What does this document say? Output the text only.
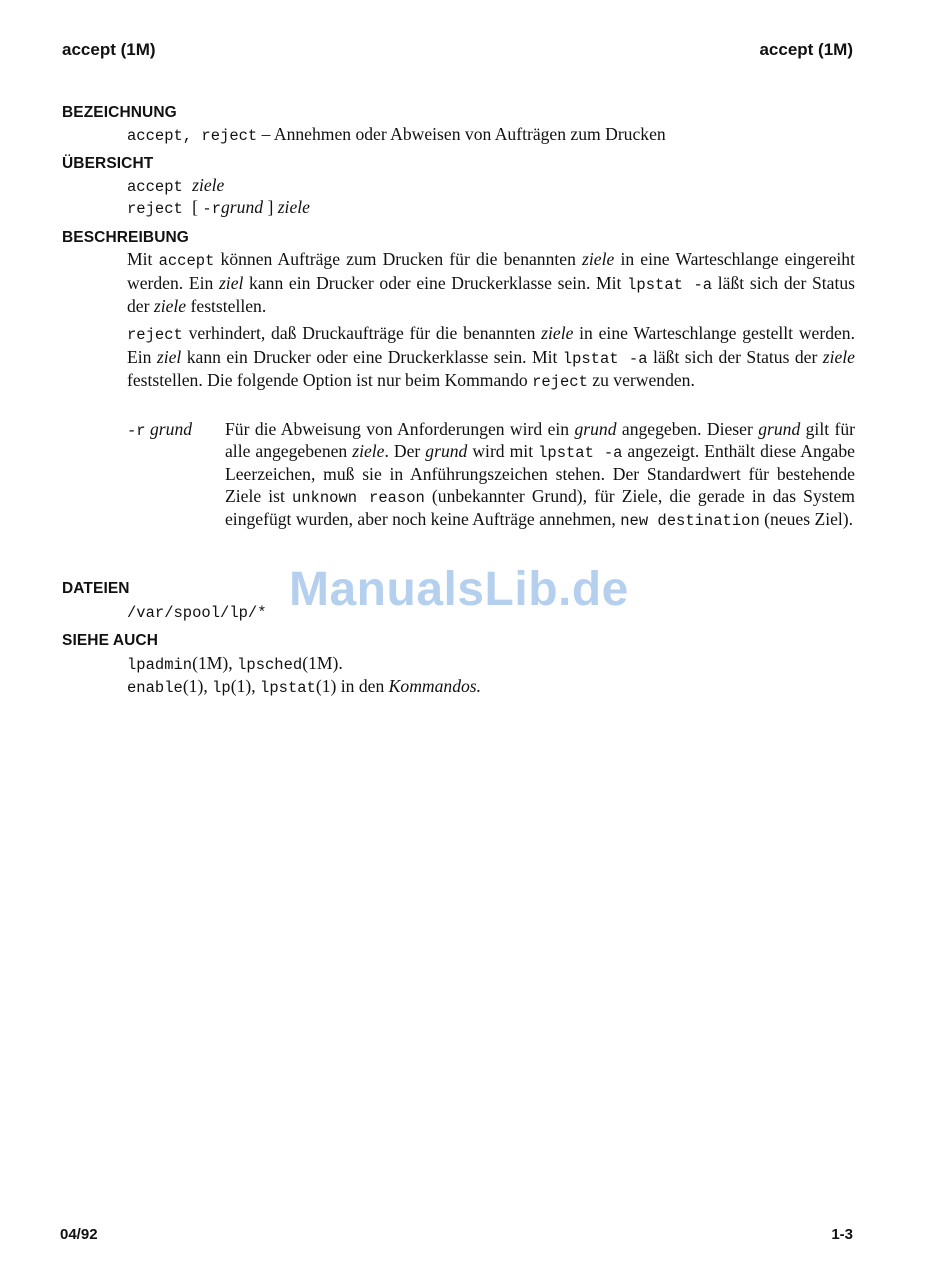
accept (1M)	accept (1M)
BEZEICHNUNG
accept, reject – Annehmen oder Abweisen von Aufträgen zum Drucken
ÜBERSICHT
accept ziele
reject [ -rgrund ] ziele
BESCHREIBUNG
Mit accept können Aufträge zum Drucken für die benannten ziele in eine Warteschlange eingereiht werden. Ein ziel kann ein Drucker oder eine Druckerklasse sein. Mit lpstat -a läßt sich der Status der ziele feststellen.
reject verhindert, daß Druckaufträge für die benannten ziele in eine Warteschlange gestellt werden. Ein ziel kann ein Drucker oder eine Druckerklasse sein. Mit lpstat -a läßt sich der Status der ziele feststellen. Die folgende Option ist nur beim Kommando reject zu verwenden.
-r grund Für die Abweisung von Anforderungen wird ein grund angegeben. Dieser grund gilt für alle angegebenen ziele. Der grund wird mit lpstat -a angezeigt. Enthält diese Angabe Leerzeichen, muß sie in Anführungszeichen stehen. Der Standardwert für bestehende Ziele ist unknown reason (unbekannter Grund), für Ziele, die gerade in das System eingefügt wurden, aber noch keine Aufträge annehmen, new destination (neues Ziel).
ManualsLib.de
DATEIEN
/var/spool/lp/*
SIEHE AUCH
lpadmin(1M), lpsched(1M).
enable(1), lp(1), lpstat(1) in den Kommandos.
04/92	1-3
